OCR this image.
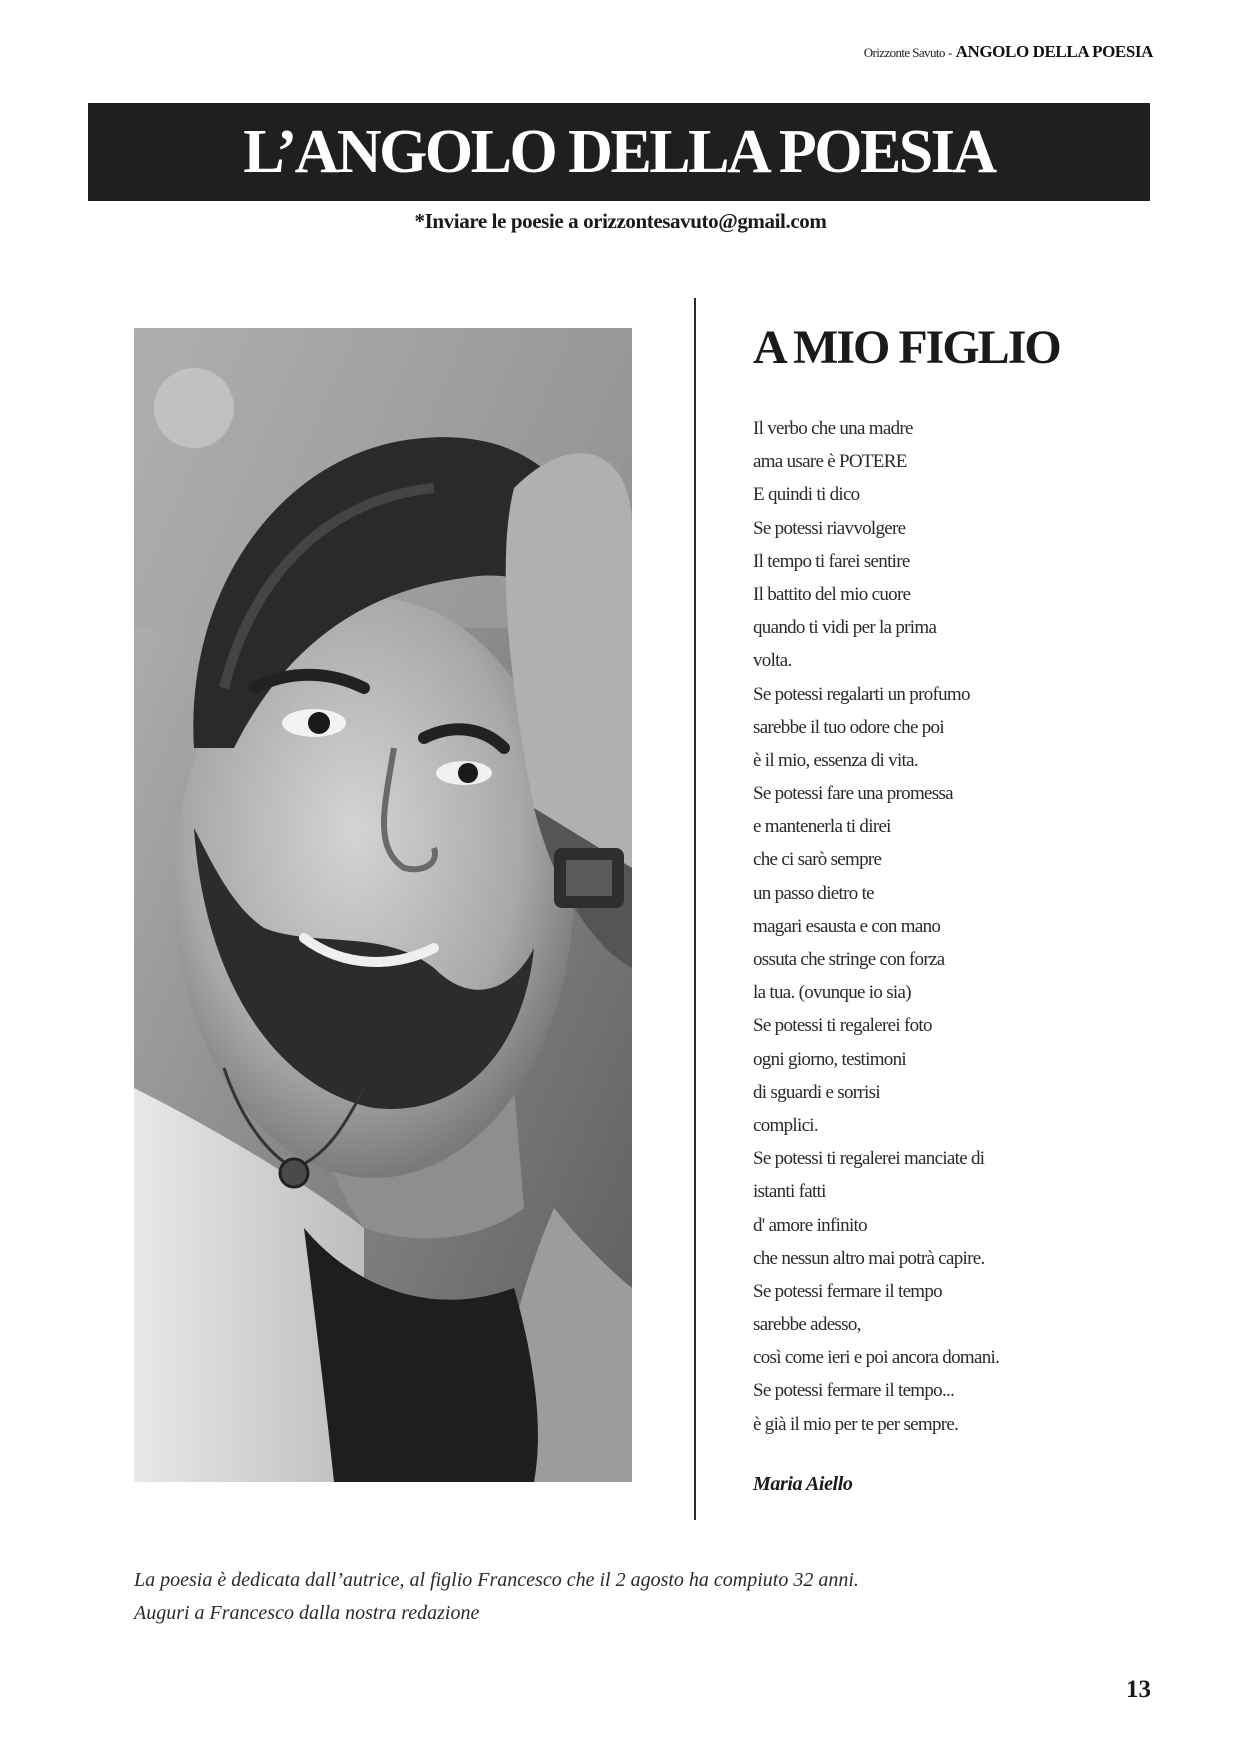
Orizzonte Savuto - ANGOLO DELLA POESIA
L’ANGOLO DELLA POESIA
*Inviare le poesie a orizzontesavuto@gmail.com
A MIO FIGLIO
Il verbo che una madre
ama usare è POTERE
E quindi ti dico
Se potessi riavvolgere
Il tempo ti farei sentire
Il battito del mio cuore
quando ti vidi per la prima
volta.
Se potessi regalarti un profumo
sarebbe il tuo odore che poi
è il mio, essenza di vita.
Se potessi fare una promessa
e mantenerla ti direi
che ci sarò sempre
un passo dietro te
magari esausta e con mano
ossuta che stringe con forza
la tua. (ovunque io sia)
Se potessi ti regalerei foto
ogni giorno, testimoni
di sguardi e sorrisi
complici.
Se potessi ti regalerei manciate di
istanti fatti
d' amore infinito
che nessun altro mai potrà capire.
Se potessi fermare il tempo
sarebbe adesso,
così come ieri e poi ancora domani.
Se potessi fermare il tempo...
è già il mio per te per sempre.
Maria Aiello

La poesia è dedicata dall’autrice, al figlio Francesco che il 2 agosto ha compiuto 32 anni.

Auguri a Francesco dalla nostra redazione

13
